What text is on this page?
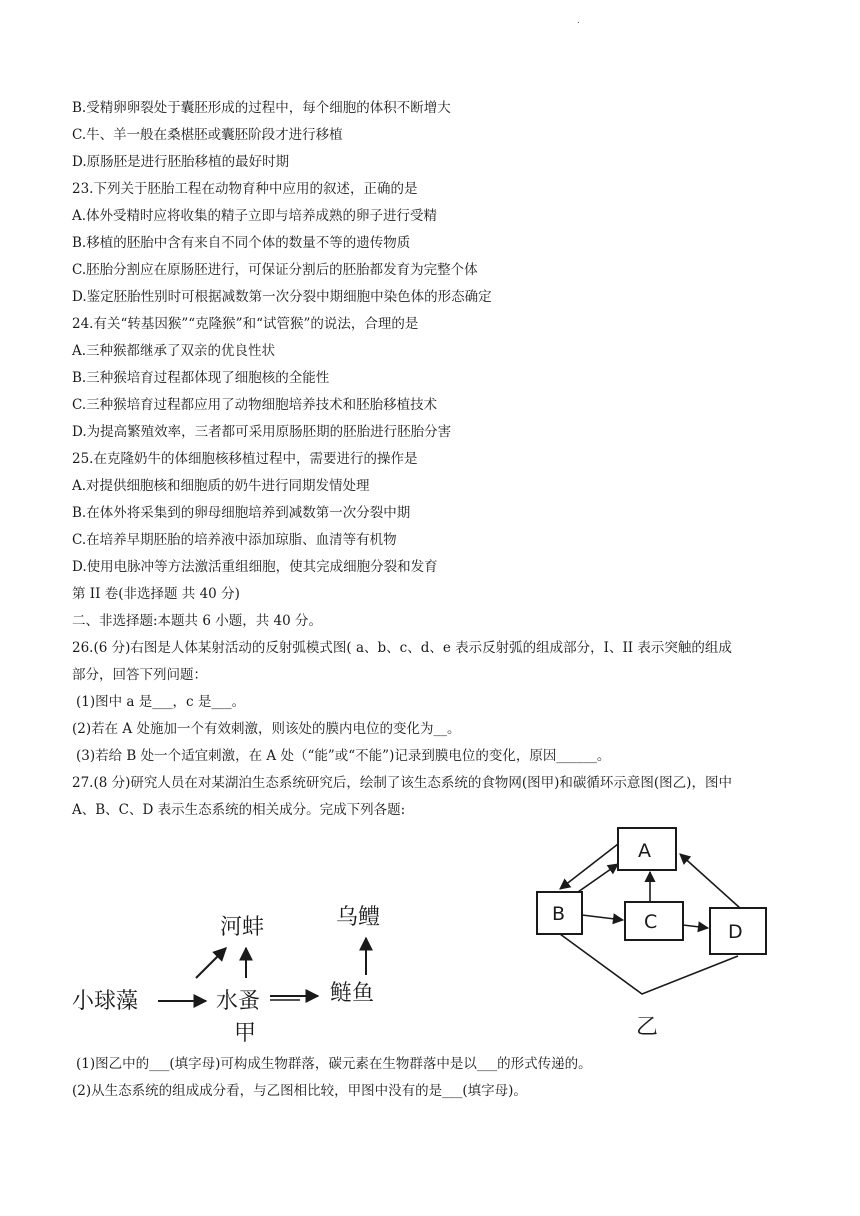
.
B.受精卵卵裂处于囊胚形成的过程中，每个细胞的体积不断增大
C.牛、羊一般在桑椹胚或囊胚阶段才进行移植
D.原肠胚是进行胚胎移植的最好时期
23.下列关于胚胎工程在动物育种中应用的叙述，正确的是
A.体外受精时应将收集的精子立即与培养成熟的卵子进行受精
B.移植的胚胎中含有来自不同个体的数量不等的遗传物质
C.胚胎分割应在原肠胚进行，可保证分割后的胚胎都发育为完整个体
D.鉴定胚胎性别时可根据减数第一次分裂中期细胞中染色体的形态确定
24.有关“转基因猴”“克隆猴”和“试管猴”的说法，合理的是
A.三种猴都继承了双亲的优良性状
B.三种猴培育过程都体现了细胞核的全能性
C.三种猴培育过程都应用了动物细胞培养技术和胚胎移植技术
D.为提高繁殖效率，三者都可采用原肠胚期的胚胎进行胚胎分害
25.在克隆奶牛的体细胞核移植过程中，需要进行的操作是
A.对提供细胞核和细胞质的奶牛进行同期发情处理
B.在体外将采集到的卵母细胞培养到减数第一次分裂中期
C.在培养早期胚胎的培养液中添加琼脂、血清等有机物
D.使用电脉冲等方法激活重组细胞，使其完成细胞分裂和发育
第 II 卷(非选择题 共 40 分)
二、非选择题:本题共 6 小题，共 40 分。
26.(6 分)右图是人体某射活动的反射弧模式图( a、b、c、d、e 表示反射弧的组成部分，I、II 表示突触的组成
部分，回答下列问题：
(1)图中 a 是___，c 是___。
(2)若在 A 处施加一个有效刺激，则该处的膜内电位的变化为__。
(3)若给 B 处一个适宜刺激，在 A 处（“能”或“不能”)记录到膜电位的变化，原因______。
27.(8 分)研究人员在对某湖泊生态系统研究后，绘制了该生态系统的食物网(图甲)和碳循环示意图(图乙)，图中
A、B、C、D 表示生态系统的相关成分。完成下列各题:
小球藻	水蚤
河蚌
鲢鱼
乌鳢
甲
A
B	C	D
乙
(1)图乙中的___(填字母)可构成生物群落，碳元素在生物群落中是以___的形式传递的。
(2)从生态系统的组成成分看，与乙图相比较，甲图中没有的是___(填字母)。
